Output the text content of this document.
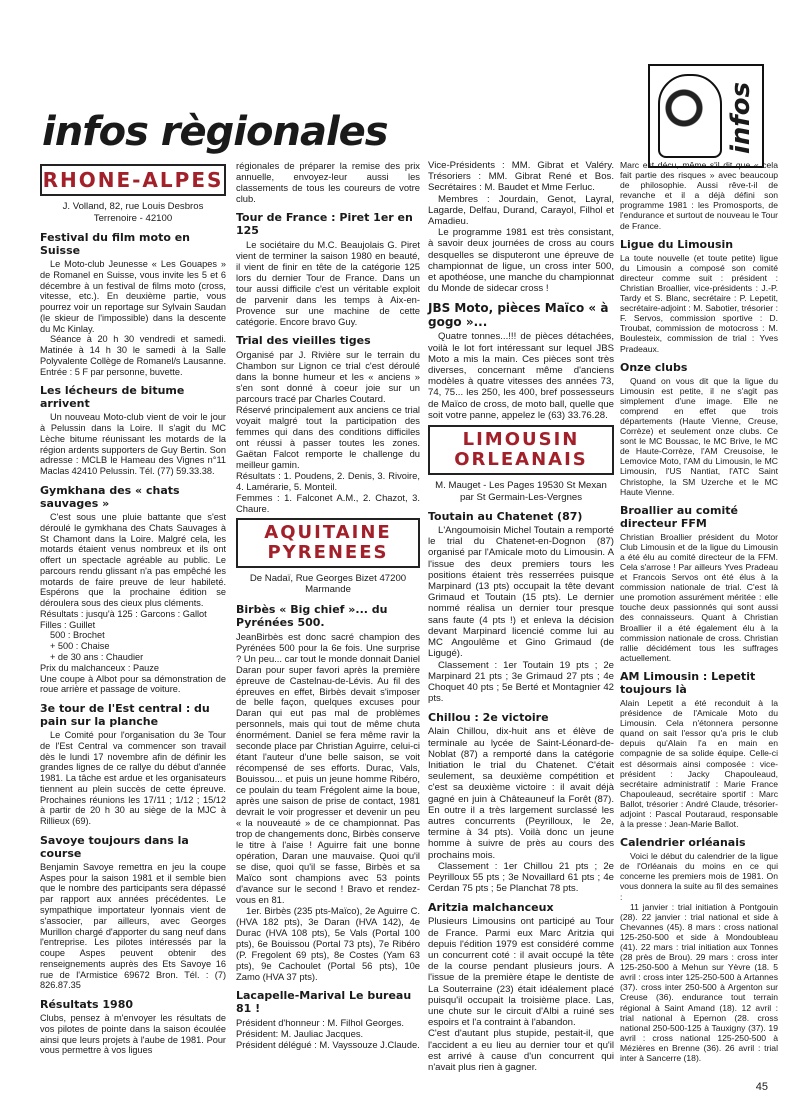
infos
infos règionales
RHONE-ALPES
J. Volland, 82, rue Louis Desbros Terrenoire - 42100
Festival du film moto en Suisse

Le Moto-club Jeunesse « Les Gouapes » de Romanel en Suisse, vous invite les 5 et 6 décembre à un festival de films moto (cross, vitesse, etc.). En deuxième partie, vous pourrez voir un reportage sur Sylvain Saudan (le skieur de l'impossible) dans la descente du Mc Kinlay.

Séance à 20 h 30 vendredi et samedi. Matinée à 14 h 30 le samedi à la Salle Polyvalente Collège de Romanel/s Lausanne. Entrée : 5 F par personne, buvette.

Les lécheurs de bitume arrivent

Un nouveau Moto-club vient de voir le jour à Pelussin dans la Loire. Il s'agit du MC Lèche bitume réunissant les motards de la région ardents supporters de Guy Bertin. Son adresse : MCLB le Hameau des Vignes n°11 Maclas 42410 Pelussin. Tél. (77) 59.33.38.

Gymkhana des « chats sauvages »

C'est sous une pluie battante que s'est déroulé le gymkhana des Chats Sauvages à St Chamont dans la Loire. Malgré cela, les motards étaient venus nombreux et ils ont offert un spectacle agréable au public. Le parcours rendu glissant n'a pas empêché les motards de faire preuve de leur habileté. Espérons que la prochaine édition se déroulera sous des cieux plus cléments.

Résultats : jusqu'à 125 : Garcons : Gallot

Filles : Guillet

500 : Brochet

+ 500 : Chaise

+ de 30 ans : Chaudier

Prix du malchanceux : Pauze

Une coupe à Albot pour sa démonstration de roue arrière et passage de voiture.

3e tour de l'Est central : du pain sur la planche

Le Comité pour l'organisation du 3e Tour de l'Est Central va commencer son travail dès le lundi 17 novembre afin de définir les grandes lignes de ce rallye du début d'année 1981. La tâche est ardue et les organisateurs tiennent au plein succès de cette épreuve. Prochaines réunions les 17/11 ; 1/12 ; 15/12 à partir de 20 h 30 au siège de la MJC à Rillieux (69).

Savoye toujours dans la course

Benjamin Savoye remettra en jeu la coupe Aspes pour la saison 1981 et il semble bien que le nombre des participants sera dépassé par rapport aux années précédentes. Le sympathique importateur lyonnais vient de s'associer, par ailleurs, avec Georges Murillon chargé d'apporter du sang neuf dans l'entreprise. Les pilotes intéressés par la coupe Aspes peuvent obtenir des renseignements auprès des Ets Savoye 16 rue de l'Armistice 69672 Bron. Tél. : (7) 826.87.35

Résultats 1980

Clubs, pensez à m'envoyer les résultats de vos pilotes de pointe dans la saison écoulée ainsi que leurs projets à l'aube de 1981. Pour vous permettre à vos ligues

régionales de préparer la remise des prix annuelle, envoyez-leur aussi les classements de tous les coureurs de votre club.

Tour de France : Piret 1er en 125

Le sociétaire du M.C. Beaujolais G. Piret vient de terminer la saison 1980 en beauté, il vient de finir en tête de la catégorie 125 lors du dernier Tour de France. Dans un tour aussi difficile c'est un véritable exploit de parvenir dans les temps à Aix-en-Provence sur une machine de cette catégorie. Encore bravo Guy.

Trial des vieilles tiges

Organisé par J. Rivière sur le terrain du Chambon sur Lignon ce trial c'est déroulé dans la bonne humeur et les « anciens » s'en sont donné à coeur joie sur un parcours tracé par Charles Coutard.

Réservé principalement aux anciens ce trial voyait malgré tout la participation des femmes qui dans des conditions difficiles ont réussi à passer toutes les zones. Gaëtan Falcot remporte le challenge du meilleur gamin.

Résultats : 1. Poudens, 2. Denis, 3. Rivoire, 4. Lamérarie, 5. Monteil.

Femmes : 1. Falconet A.M., 2. Chazot, 3. Chaure.

AQUITAINE PYRENEES
De Nadaï, Rue Georges Bizet 47200 Marmande
Birbès « Big chief »... du Pyrénées 500.

JeanBirbès est donc sacré champion des Pyrénées 500 pour la 6e fois. Une surprise ? Un peu... car tout le monde donnait Daniel Daran pour super favori après la première épreuve de Castelnau-de-Lévis. Au fil des épreuves en effet, Birbès devait s'imposer de belle façon, quelques excuses pour Daran qui eut pas mal de problèmes personnels, mais qui tout de même chuta énormément. Daniel se fera même ravir la seconde place par Christian Aguirre, celui-ci étant l'auteur d'une belle saison, se voit récompensé de ses efforts. Durac, Vals, Bouissou... et puis un jeune homme Ribéro, ce poulain du team Frégolent aime la boue, après une saison de prise de contact, 1981 devrait le voir progresser et devenir un peu « la nouveauté » de ce championnat. Pas trop de changements donc, Birbès conserve le titre à l'aise ! Aguirre fait une bonne opération, Daran une mauvaise. Quoi qu'il se dise, quoi qu'il se fasse, Birbès et sa Maïco sont champions avec 53 points d'avance sur le second ! Bravo et rendez-vous en 81.

1er. Birbès (235 pts-Maïco), 2e Aguirre C. (HVA 182 pts), 3e Daran (HVA 142), 4e Durac (HVA 108 pts), 5e Vals (Portal 100 pts), 6e Bouissou (Portal 73 pts), 7e Ribéro (P. Fregolent 69 pts), 8e Costes (Yam 63 pts), 9e Cachoulet (Portal 56 pts), 10e Zamo (HVA 37 pts).

Lacapelle-Marival Le bureau 81 !

Président d'honneur : M. Filhol Georges.

Président: M. Jauliac Jacques.

Président délégué : M. Vayssouze J.Claude.

Vice-Présidents : MM. Gibrat et Valéry. Trésoriers : MM. Gibrat René et Bos. Secrétaires : M. Baudet et Mme Ferluc.

Membres : Jourdain, Genot, Layral, Lagarde, Delfau, Durand, Carayol, Filhol et Amadieu.

Le programme 1981 est très consistant, à savoir deux journées de cross au cours desquelles se disputeront une épreuve de championnat de ligue, un cross inter 500, et apothéose, une manche du championnat du Monde de sidecar cross !

JBS Moto, pièces Maïco « à gogo »...

Quatre tonnes...!!! de pièces détachées, voilà le lot fort intéressant sur lequel JBS Moto a mis la main. Ces pièces sont très diverses, concernant même d'anciens modèles à quatre vitesses des années 73, 74, 75... les 250, les 400, bref possesseurs de Maïco de cross, de moto ball, quelle que soit votre panne, appelez le (63) 33.76.28.

LIMOUSIN ORLEANAIS
M. Mauget - Les Pages 19530 St Mexan par St Germain-Les-Vergnes
Toutain au Chatenet (87)

L'Angoumoisin Michel Toutain a remporté le trial du Chatenet-en-Dognon (87) organisé par l'Amicale moto du Limousin. A l'issue des deux premiers tours les positions étaient très resserrées puisque Marpinard (13 pts) occupait la tête devant Grimaud et Toutain (15 pts). Le dernier nommé réalisa un dernier tour presque sans faute (4 pts !) et enleva la décision devant Marpinard licencié comme lui au MC Angoulême et Gino Grimaud (de Ligugé).

Classement : 1er Toutain 19 pts ; 2e Marpinard 21 pts ; 3e Grimaud 27 pts ; 4e Choquet 40 pts ; 5e Berté et Montagnier 42 pts.

Chillou : 2e victoire

Alain Chillou, dix-huit ans et élève de terminale au lycée de Saint-Léonard-de-Noblat (87) a remporté dans la catégorie Initiation le trial du Chatenet. C'était seulement, sa deuxième compétition et c'est sa deuxième victoire : il avait déjà gagné en juin à Châteauneuf la Forêt (87). En outre il a très largement surclassé les autres concurrents (Peyrilloux, le 2e, termine à 34 pts). Voilà donc un jeune homme à suivre de près au cours des prochains mois.

Classement : 1er Chillou 21 pts ; 2e Peyrilloux 55 pts ; 3e Novaillard 61 pts ; 4e Cerdan 75 pts ; 5e Planchat 78 pts.

Aritzia malchanceux

Plusieurs Limousins ont participé au Tour de France. Parmi eux Marc Aritzia qui depuis l'édition 1979 est considéré comme un concurrent coté : il avait occupé la tête de la course pendant plusieurs jours. A l'issue de la première étape le dentiste de La Souterraine (23) était idéalement placé puisqu'il occupait la troisième place. Las, une chute sur le circuit d'Albi a ruiné ses espoirs et l'a contraint à l'abandon.

C'est d'autant plus stupide, pestait-il, que l'accident a eu lieu au dernier tour et qu'il est arrivé à cause d'un concurrent qui n'avait plus rien à gagner.

Marc est décu, même s'il dit que « cela fait partie des risques » avec beaucoup de philosophie. Aussi rêve-t-il de revanche et il a déjà défini son programme 1981 : les Promosports, de l'endurance et surtout de nouveau le Tour de France.

Ligue du Limousin

La toute nouvelle (et toute petite) ligue du Limousin a composé son comité directeur comme suit : président : Christian Broallier, vice-présidents : J.-P. Tardy et S. Blanc, secrétaire : P. Lepetit, secrétaire-adjoint : M. Sabotier, trésorier : F. Servos, commission sportive : D. Troubat, commission de motocross : M. Boulesteix, commission de trial : Yves Pradeaux.

Onze clubs

Quand on vous dit que la ligue du Limousin est petite, il ne s'agit pas simplement d'une image. Elle ne comprend en effet que trois départements (Haute Vienne, Creuse, Corrèze) et seulement onze clubs. Ce sont le MC Boussac, le MC Brive, le MC de Haute-Corrèze, l'AM Creusoise, le Lemovice Moto, l'AM du Limousin, le MC Limousin, l'US Nantiat, l'ATC Saint Christophe, la SM Uzerche et le MC Haute Vienne.

Broallier au comité directeur FFM

Christian Broallier président du Motor Club Limousin et de la ligue du Limousin a été élu au comité directeur de la FFM. Cela s'arrose ! Par ailleurs Yves Pradeau et Francois Servos ont été élus à la commission nationale de trial. C'est là une promotion assurément méritée : elle touche deux passionnés qui sont aussi des connaisseurs. Quant à Christian Broallier il a été également élu à la commission nationale de cross. Christian rallie décidément tous les suffrages actuellement.

AM Limousin : Lepetit toujours là

Alain Lepetit a été reconduit à la présidence de l'Amicale Moto du Limousin. Cela n'étonnera personne quand on sait l'essor qu'a pris le club depuis qu'Alain l'a en main en compagnie de sa solide équipe. Celle-ci est désormais ainsi composée : vice-président : Jacky Chapouleaud, secrétaire administratif : Marie France Chapouleaud, secrétaire sportif : Marc Ballot, trésorier : André Claude, trésorier-adjoint : Pascal Poutaraud, responsable à la presse : Jean-Marie Ballot.

Calendrier orléanais

Voici le début du calendrier de la ligue de l'Orléanais du moins en ce qui concerne les premiers mois de 1981. On vous donnera la suite au fil des semaines :

11 janvier : trial initiation à Pontgouin (28). 22 janvier : trial national et side à Chevannes (45). 8 mars : cross national 125-250-500 et side à Mondoubleau (41). 22 mars : trial initiation aux Tonnes (28 près de Brou). 29 mars : cross inter 125-250-500 à Mehun sur Yèvre (18. 5 avril : cross inter 125-250-500 à Artannes (37). cross inter 250-500 à Argenton sur Creuse (36). endurance tout terrain régional à Saint Amand (18). 12 avril : trial national à Epernon (28. cross national 250-500-125 à Tauxigny (37). 19 avril : cross national 125-250-500 à Mézières en Brenne (36). 26 avril : trial inter à Sancerre (18).

45
